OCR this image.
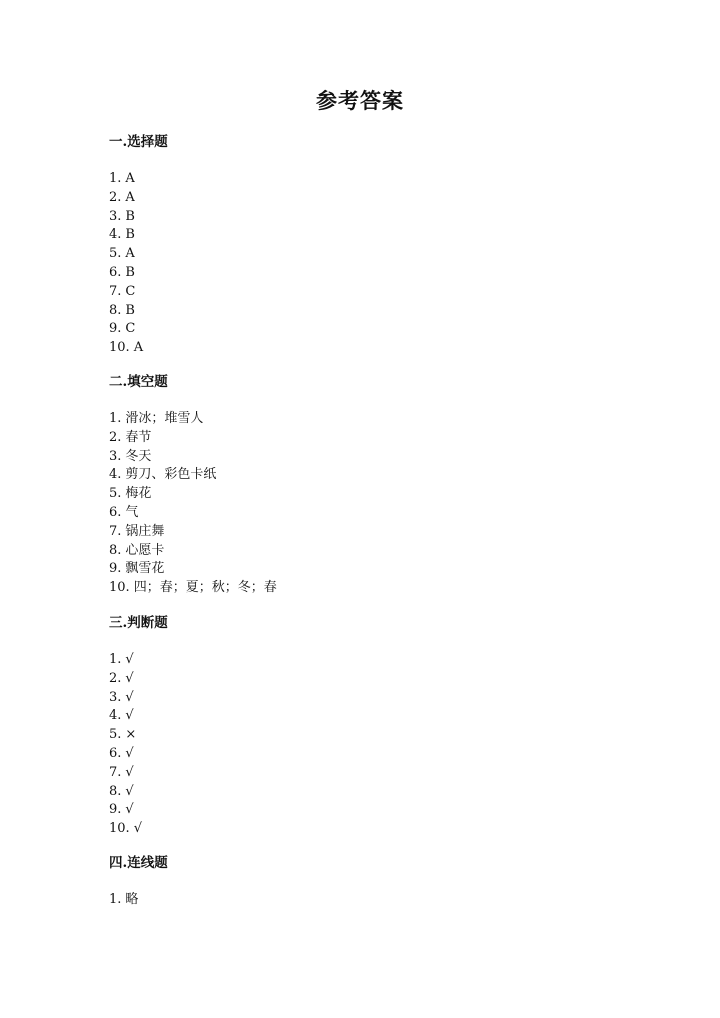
参考答案
一.选择题
1. A
2. A
3. B
4. B
5. A
6. B
7. C
8. B
9. C
10. A
二.填空题
1. 滑冰；堆雪人
2. 春节
3. 冬天
4. 剪刀、彩色卡纸
5. 梅花
6. 气
7. 锅庄舞
8. 心愿卡
9. 飘雪花
10. 四；春；夏；秋；冬；春
三.判断题
1. √
2. √
3. √
4. √
5. ×
6. √
7. √
8. √
9. √
10. √
四.连线题
1. 略
